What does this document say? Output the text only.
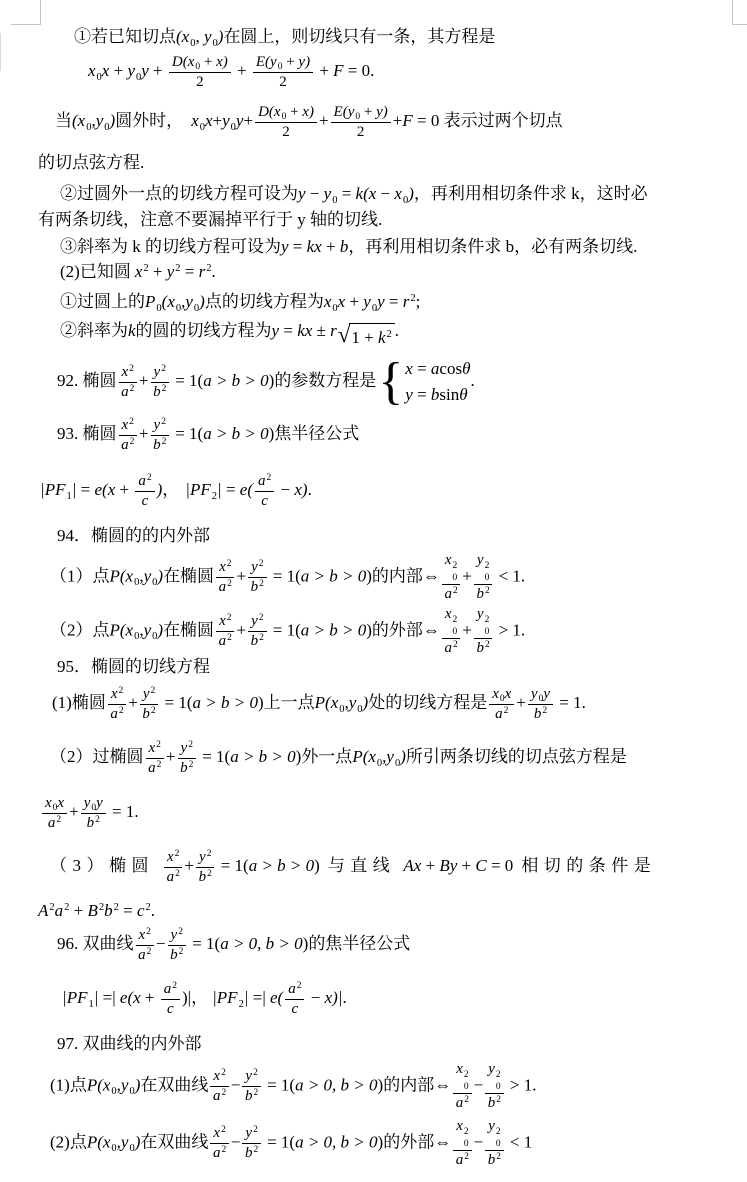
①若已知切点($x_0$, $y_0$)在圆上，则切线只有一条，其方程是
$x_0x + y_0y + \frac{D(x_0 + x)}{2} + \frac{E(y_0 + y)}{2} + F = 0$.
当$(x_0,y_0)$圆外时， $x_0x+y_0y+ \frac{D(x_0 + x)}{2} + \frac{E(y_0 + y)}{2} +F = 0$ 表示过两个切点
的切点弦方程.
②过圆外一点的切线方程可设为$y - y_0 = k(x - x_0)$，再利用相切条件求 k，这时必
有两条切线，注意不要漏掉平行于 y 轴的切线.
③斜率为 k 的切线方程可设为y = kx + b，再利用相切条件求 b，必有两条切线.
(2)已知圆 $x^2 + y^2 = r^2$.
①过圆上的$P_0(x_0,y_0)$点的切线方程为$x_0x + y_0y = r^2$;
②斜率为k的圆的切线方程为y = kx ± r √ $1 + k^2$ .
92. 椭圆 $\frac{x^2}{a^2} + \frac{y^2}{b^2} = 1(a > b > 0)$的参数方程是 { x = acosθ
y = bsinθ
.
93. 椭圆 $\frac{x^2}{a^2} + \frac{y^2}{b^2} = 1(a > b > 0)$焦半径公式
$|PF_1| = e(x + \frac{a^2}{c}$ )， $|PF_2| = e( \frac{a^2}{c} - x)$.
94．椭圆的的内外部
（1）点$P(x_0,y_0)$在椭圆 $\frac{x^2}{a^2} + \frac{y^2}{b^2} = 1(a > b > 0)$的内部⇔ x 2
0
$a^2 + y$ 2
0
$b^2 < 1$.
（2）点$P(x_0,y_0)$在椭圆 $\frac{x^2}{a^2} + \frac{y^2}{b^2} = 1(a > b > 0)$的外部⇔ x 2
0
$a^2 + y$ 2
0
$b^2 > 1$.
95．椭圆的切线方程
(1)椭圆 $\frac{x^2}{a^2} + \frac{y^2}{b^2} = 1(a > b > 0)$上一点$P(x_0,y_0)$处的切线方程是 $\frac{x_0x}{a^2} + \frac{y_0y}{b^2} = 1$.
（2）过椭圆 $\frac{x^2}{a^2} + \frac{y^2}{b^2} = 1(a > b > 0)$外一点$P(x_0,y_0)$所引两条切线的切点弦方程是
$\frac{x_0x}{a^2} + \frac{y_0y}{b^2} = 1$.
（3）椭圆 $\frac{x^2}{a^2} + \frac{y^2}{b^2} = 1(a > b > 0)$ 与直线 Ax + By + C = 0 相切的条件是
$A^2a^2 + B^2b^2 = c^2$.
96. 双曲线 $\frac{x^2}{a^2} - \frac{y^2}{b^2} = 1(a > 0$, b > 0)的焦半径公式
$|PF_1|$ =| $e(x + \frac{a^2}{c}$ )|， $|PF_2|$ =| $e( \frac{a^2}{c} - x)|$.
97. 双曲线的内外部
(1)点$P(x_0,y_0)$在双曲线 $\frac{x^2}{a^2} - \frac{y^2}{b^2} = 1(a > 0$, b > 0)的内部⇔ x 2
0
$a^2 - y$ 2
0
$b^2 > 1$.
(2)点$P(x_0,y_0)$在双曲线 $\frac{x^2}{a^2} - \frac{y^2}{b^2} = 1(a > 0$, b > 0)的外部⇔ x 2
0
$a^2 - y$ 2
0
$b^2 < 1$
